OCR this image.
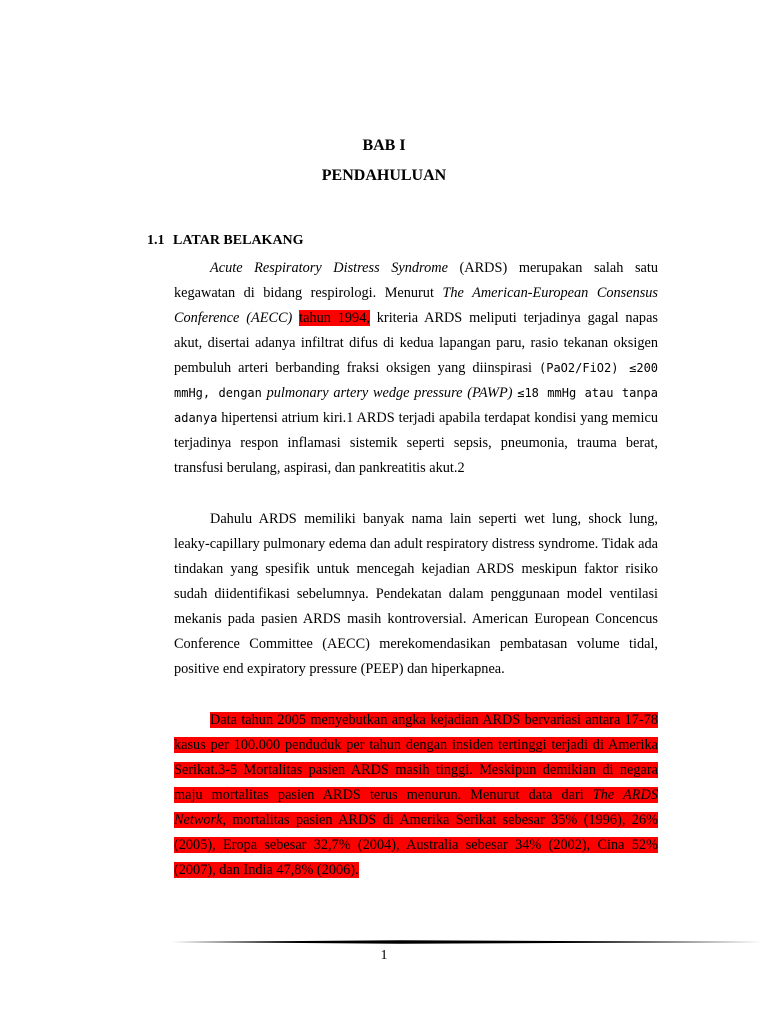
BAB I
PENDAHULUAN
1.1 LATAR BELAKANG
Acute Respiratory Distress Syndrome (ARDS) merupakan salah satu kegawatan di bidang respirologi. Menurut The American-European Consensus Conference (AECC) tahun 1994, kriteria ARDS meliputi terjadinya gagal napas akut, disertai adanya infiltrat difus di kedua lapangan paru, rasio tekanan oksigen pembuluh arteri berbanding fraksi oksigen yang diinspirasi (PaO2/FiO2) ≤200 mmHg, dengan pulmonary artery wedge pressure (PAWP) ≤18 mmHg atau tanpa adanya hipertensi atrium kiri.1 ARDS terjadi apabila terdapat kondisi yang memicu terjadinya respon inflamasi sistemik seperti sepsis, pneumonia, trauma berat, transfusi berulang, aspirasi, dan pankreatitis akut.2
Dahulu ARDS memiliki banyak nama lain seperti wet lung, shock lung, leaky-capillary pulmonary edema dan adult respiratory distress syndrome. Tidak ada tindakan yang spesifik untuk mencegah kejadian ARDS meskipun faktor risiko sudah diidentifikasi sebelumnya. Pendekatan dalam penggunaan model ventilasi mekanis pada pasien ARDS masih kontroversial. American European Concencus Conference Committee (AECC) merekomendasikan pembatasan volume tidal, positive end expiratory pressure (PEEP) dan hiperkapnea.
Data tahun 2005 menyebutkan angka kejadian ARDS bervariasi antara 17-78 kasus per 100.000 penduduk per tahun dengan insiden tertinggi terjadi di Amerika Serikat.3-5 Mortalitas pasien ARDS masih tinggi. Meskipun demikian di negara maju mortalitas pasien ARDS terus menurun. Menurut data dari The ARDS Network, mortalitas pasien ARDS di Amerika Serikat sebesar 35% (1996), 26% (2005), Eropa sebesar 32,7% (2004), Australia sebesar 34% (2002), Cina 52% (2007), dan India 47,8% (2006).
1
